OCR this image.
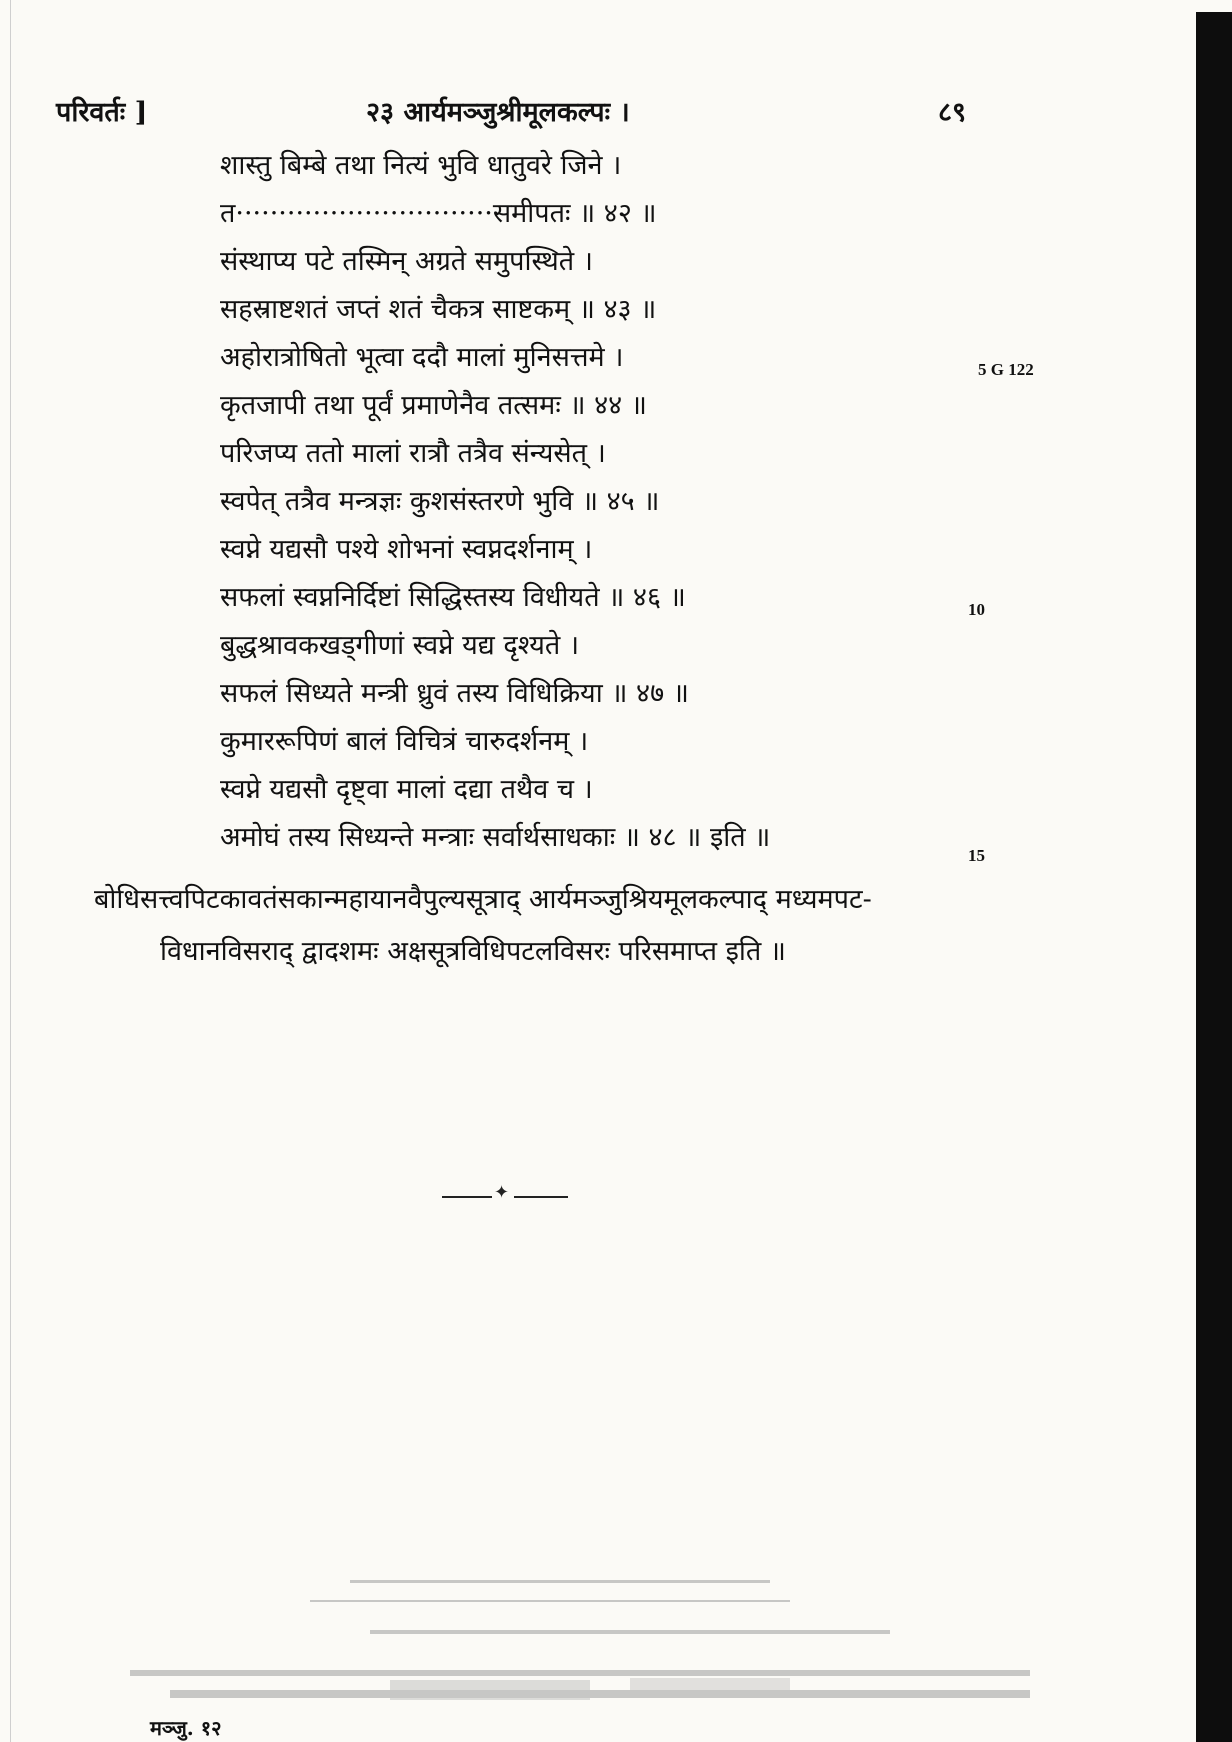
परिवर्तः ]	२३ आर्यमञ्जुश्रीमूलकल्पः ।	८९
शास्तु बिम्बे तथा नित्यं भुवि धातुवरे जिने ।
त······························समीपतः ॥ ४२ ॥
संस्थाप्य पटे तस्मिन् अग्रते समुपस्थिते ।
सहस्राष्टशतं जप्तं शतं चैकत्र साष्टकम् ॥ ४३ ॥
अहोरात्रोषितो भूत्वा ददौ मालां मुनिसत्तमे ।
कृतजापी तथा पूर्वं प्रमाणेनैव तत्समः ॥ ४४ ॥
परिजप्य ततो मालां रात्रौ तत्रैव संन्यसेत् ।
स्वपेत् तत्रैव मन्त्रज्ञः कुशसंस्तरणे भुवि ॥ ४५ ॥
स्वप्ने यद्यसौ पश्ये शोभनां स्वप्नदर्शनाम् ।
सफलां स्वप्ननिर्दिष्टां सिद्धिस्तस्य विधीयते ॥ ४६ ॥
बुद्धश्रावकखड्गीणां स्वप्ने यद्य दृश्यते ।
सफलं सिध्यते मन्त्री ध्रुवं तस्य विधिक्रिया ॥ ४७ ॥
कुमाररूपिणं बालं विचित्रं चारुदर्शनम् ।
स्वप्ने यद्यसौ दृष्ट्वा मालां दद्या तथैव च ।
अमोघं तस्य सिध्यन्ते मन्त्राः सर्वार्थसाधकाः ॥ ४८ ॥ इति ॥
5 G 122
10
15
बोधिसत्त्वपिटकावतंसकान्महायानवैपुल्यसूत्राद् आर्यमञ्जुश्रियमूलकल्पाद् मध्यमपट-
विधानविसराद् द्वादशमः अक्षसूत्रविधिपटलविसरः परिसमाप्त इति ॥
✦
मञ्जु. १२
